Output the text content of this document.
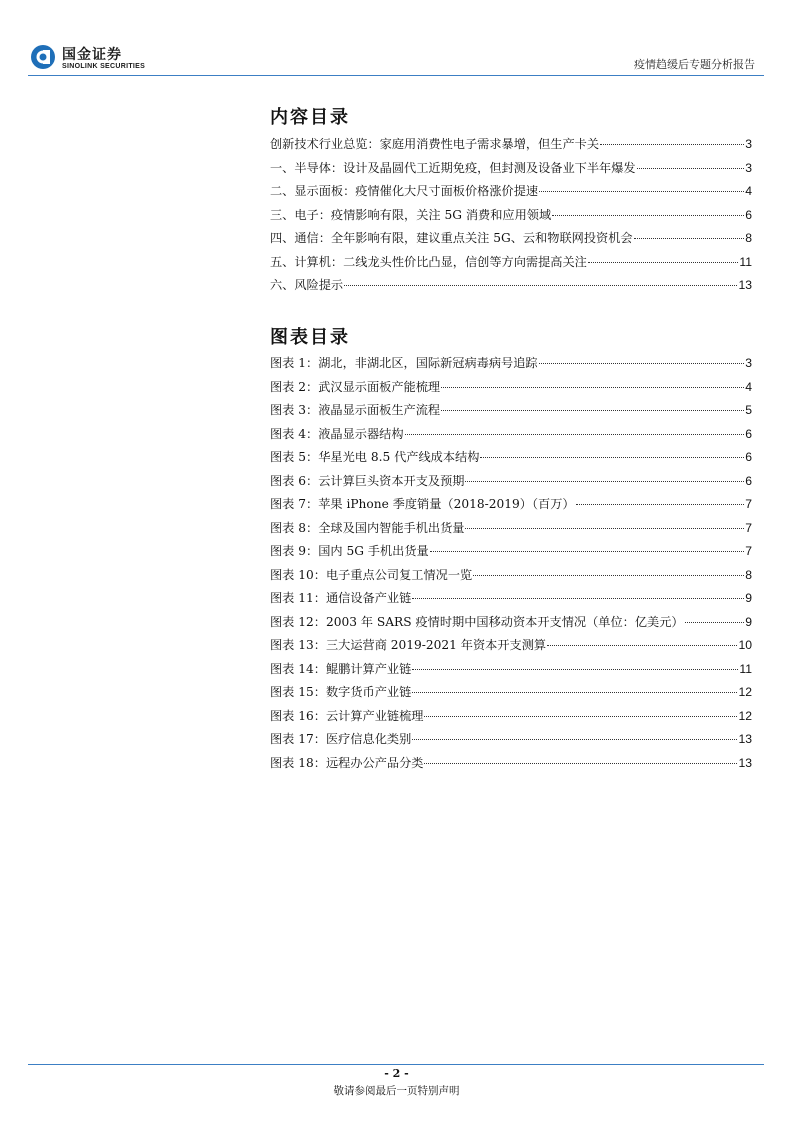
国金证券
SINOLINK SECURITIES	疫情趋缓后专题分析报告
内容目录
创新技术行业总览：家庭用消费性电子需求暴增，但生产卡关	3
一、半导体：设计及晶圆代工近期免疫，但封测及设备业下半年爆发	3
二、显示面板：疫情催化大尺寸面板价格涨价提速	4
三、电子：疫情影响有限，关注 5G 消费和应用领域	6
四、通信：全年影响有限，建议重点关注 5G、云和物联网投资机会	8
五、计算机：二线龙头性价比凸显，信创等方向需提高关注	11
六、风险提示	13
图表目录
图表 1：湖北，非湖北区，国际新冠病毒病号追踪	3
图表 2：武汉显示面板产能梳理	4
图表 3：液晶显示面板生产流程	5
图表 4：液晶显示器结构	6
图表 5：华星光电 8.5 代产线成本结构	6
图表 6：云计算巨头资本开支及预期	6
图表 7：苹果 iPhone 季度销量（2018-2019）（百万）	7
图表 8：全球及国内智能手机出货量	7
图表 9：国内 5G 手机出货量	7
图表 10：电子重点公司复工情况一览	8
图表 11：通信设备产业链	9
图表 12：2003 年 SARS 疫情时期中国移动资本开支情况（单位：亿美元）	9
图表 13：三大运营商 2019-2021 年资本开支测算	10
图表 14：鲲鹏计算产业链	11
图表 15：数字货币产业链	12
图表 16：云计算产业链梳理	12
图表 17：医疗信息化类别	13
图表 18：远程办公产品分类	13
- 2 -
敬请参阅最后一页特别声明
